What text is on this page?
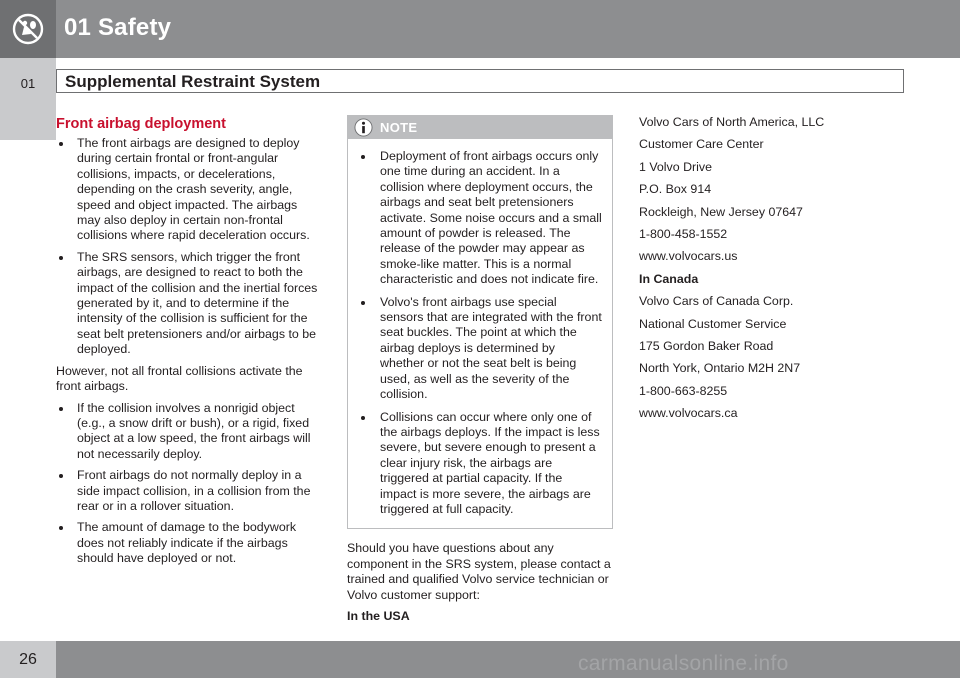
01 Safety
01	Supplemental Restraint System
Front airbag deployment
The front airbags are designed to deploy during certain frontal or front-angular collisions, impacts, or decelerations, depending on the crash severity, angle, speed and object impacted. The airbags may also deploy in certain non-frontal collisions where rapid deceleration occurs.
The SRS sensors, which trigger the front airbags, are designed to react to both the impact of the collision and the inertial forces generated by it, and to determine if the intensity of the collision is sufficient for the seat belt pretensioners and/or airbags to be deployed.
However, not all frontal collisions activate the front airbags.
If the collision involves a nonrigid object (e.g., a snow drift or bush), or a rigid, fixed object at a low speed, the front airbags will not necessarily deploy.
Front airbags do not normally deploy in a side impact collision, in a collision from the rear or in a rollover situation.
The amount of damage to the bodywork does not reliably indicate if the airbags should have deployed or not.
NOTE
Deployment of front airbags occurs only one time during an accident. In a collision where deployment occurs, the airbags and seat belt pretensioners activate. Some noise occurs and a small amount of powder is released. The release of the powder may appear as smoke-like matter. This is a normal characteristic and does not indicate fire.
Volvo's front airbags use special sensors that are integrated with the front seat buckles. The point at which the airbag deploys is determined by whether or not the seat belt is being used, as well as the severity of the collision.
Collisions can occur where only one of the airbags deploys. If the impact is less severe, but severe enough to present a clear injury risk, the airbags are triggered at partial capacity. If the impact is more severe, the airbags are triggered at full capacity.
Should you have questions about any component in the SRS system, please contact a trained and qualified Volvo service technician or Volvo customer support:
In the USA
Volvo Cars of North America, LLC
Customer Care Center
1 Volvo Drive
P.O. Box 914
Rockleigh, New Jersey 07647
1-800-458-1552
www.volvocars.us
In Canada
Volvo Cars of Canada Corp.
National Customer Service
175 Gordon Baker Road
North York, Ontario M2H 2N7
1-800-663-8255
www.volvocars.ca
26	carmanualsonline.info
